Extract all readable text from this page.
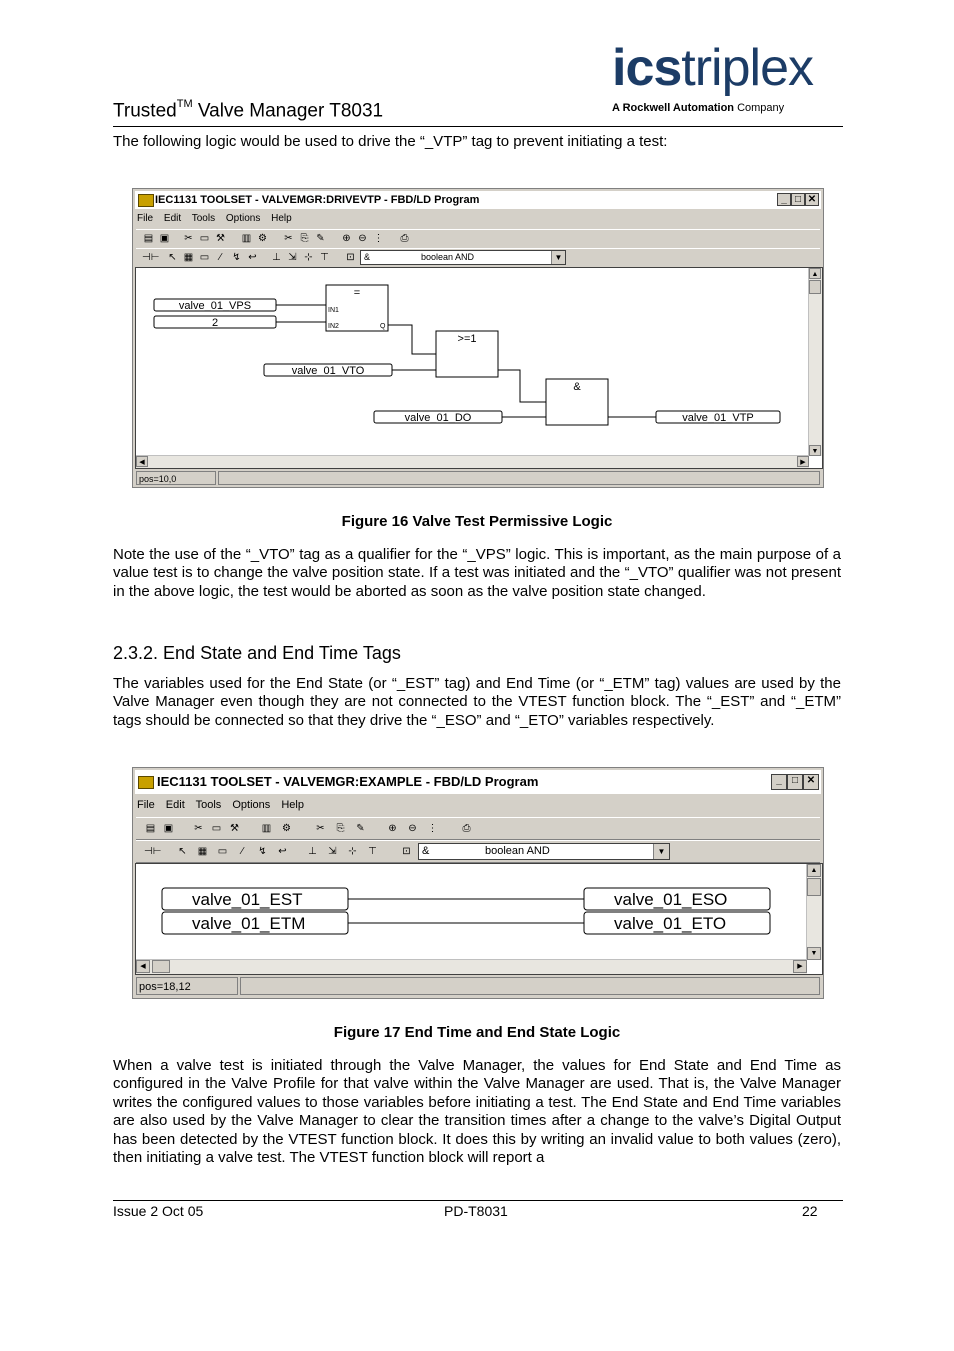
Trusted™ Valve Manager T8031
icstriplex
A Rockwell Automation Company
The following logic would be used to drive the “_VTP” tag to prevent initiating a test:
IEC1131 TOOLSET - VALVEMGR:DRIVEVTP - FBD/LD Program	_ □ ✕
File Edit Tools Options Help
▤ ▣ ✂ ▭ ⚒ ▥ ⚙ ✂ ⎘ ✎ ⊕ ⊖ ⋮ ⎙
⊣⊢ ↖ ▦ ▭	∕	↯ ↩ ⊥ ⇲ ⊹ ⊤ ⊡ &	boolean AND	▼
valve_01_VPS
2
=
IN1
IN2	Q
>=1
&
valve_01_VTO
valve_01_DO	valve_01_VTP
▲
▼
◀	▶
pos=10,0
Figure 16 Valve Test Permissive Logic
Note the use of the “_VTO” tag as a qualifier for the “_VPS” logic. This is important, as the main purpose of a value test is to change the valve position state. If a test was initiated and the “_VTO” qualifier was not present in the above logic, the test would be aborted as soon as the valve position state changed.
2.3.2. End State and End Time Tags
The variables used for the End State (or “_EST” tag) and End Time (or “_ETM” tag) values are used by the Valve Manager even though they are not connected to the VTEST function block. The “_EST” and “_ETM” tags should be connected so that they drive the “_ESO” and “_ETO” variables respectively.
IEC1131 TOOLSET - VALVEMGR:EXAMPLE - FBD/LD Program	_	□ ✕
File Edit Tools Options Help
▤ ▣ ✂ ▭ ⚒ ▥ ⚙	✂ ⎘ ✎ ⊕ ⊖ ⋮	⎙
⊣⊢ ↖ ▦ ▭	∕	↯ ↩ ⊥ ⇲ ⊹ ⊤	⊡ &	boolean AND	▼
valve_01_EST
valve_01_ETM
valve_01_ESO
valve_01_ETO
▲
▼
◀	▶
pos=18,12
Figure 17 End Time and End State Logic
When a valve test is initiated through the Valve Manager, the values for End State and End Time as configured in the Valve Profile for that valve within the Valve Manager are used. That is, the Valve Manager writes the configured values to those variables before initiating a test. The End State and End Time variables are also used by the Valve Manager to clear the transition times after a change to the valve’s Digital Output has been detected by the VTEST function block. It does this by writing an invalid value to both values (zero), then initiating a valve test. The VTEST function block will report a
Issue 2 Oct 05	PD-T8031	22
